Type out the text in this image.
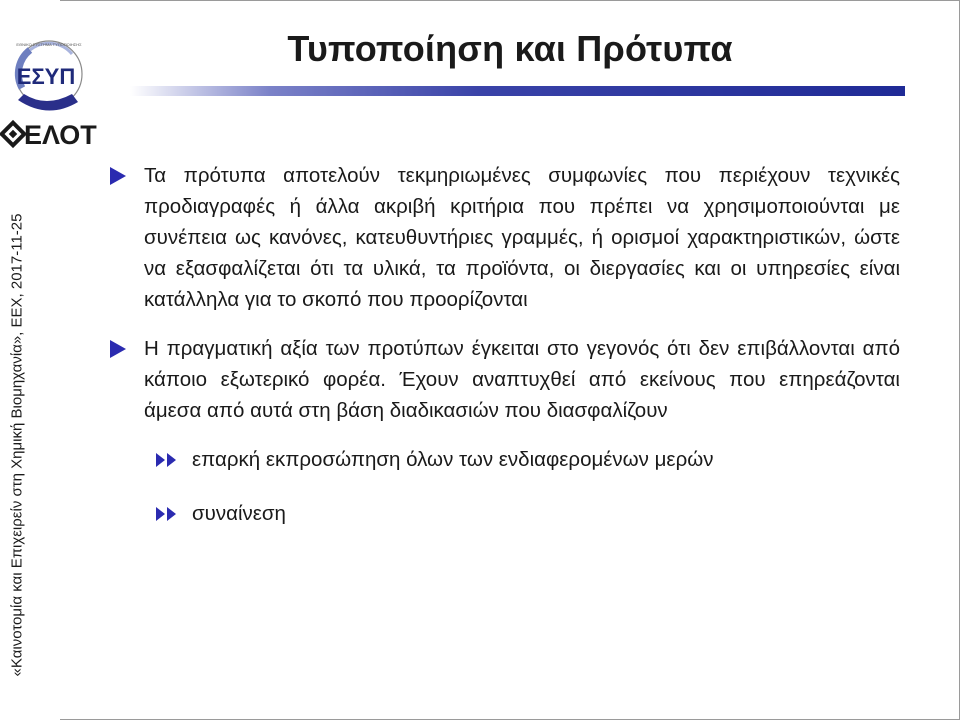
ΕΣΥΠ
ΕΘΝΙΚΟ ΣΥΣΤΗΜΑ ΤΥΠΟΠΟΙΗΣΗΣ
ΕΛΟΤ
«Καινοτομία και Επιχειρείν στη Χημική Βιομηχανία», ΕΕΧ, 2017-11-25
Τυποποίηση και Πρότυπα

Τα πρότυπα αποτελούν τεκμηριωμένες συμφωνίες που περιέχουν τεχνικές προδιαγραφές ή άλλα ακριβή κριτήρια που πρέπει να χρησιμοποιούνται με συνέπεια ως κανόνες, κατευθυντήριες γραμμές, ή ορισμοί χαρακτηριστικών, ώστε να εξασφαλίζεται ότι τα υλικά, τα προϊόντα, οι διεργασίες και οι υπηρεσίες είναι κατάλληλα για το σκοπό που προορίζονται

Η πραγματική αξία των προτύπων έγκειται στο γεγονός ότι δεν επιβάλλονται από κάποιο εξωτερικό φορέα. Έχουν αναπτυχθεί από εκείνους που επηρεάζονται άμεσα από αυτά στη βάση διαδικασιών που διασφαλίζουν

επαρκή εκπροσώπηση όλων των ενδιαφερομένων μερών

συναίνεση
